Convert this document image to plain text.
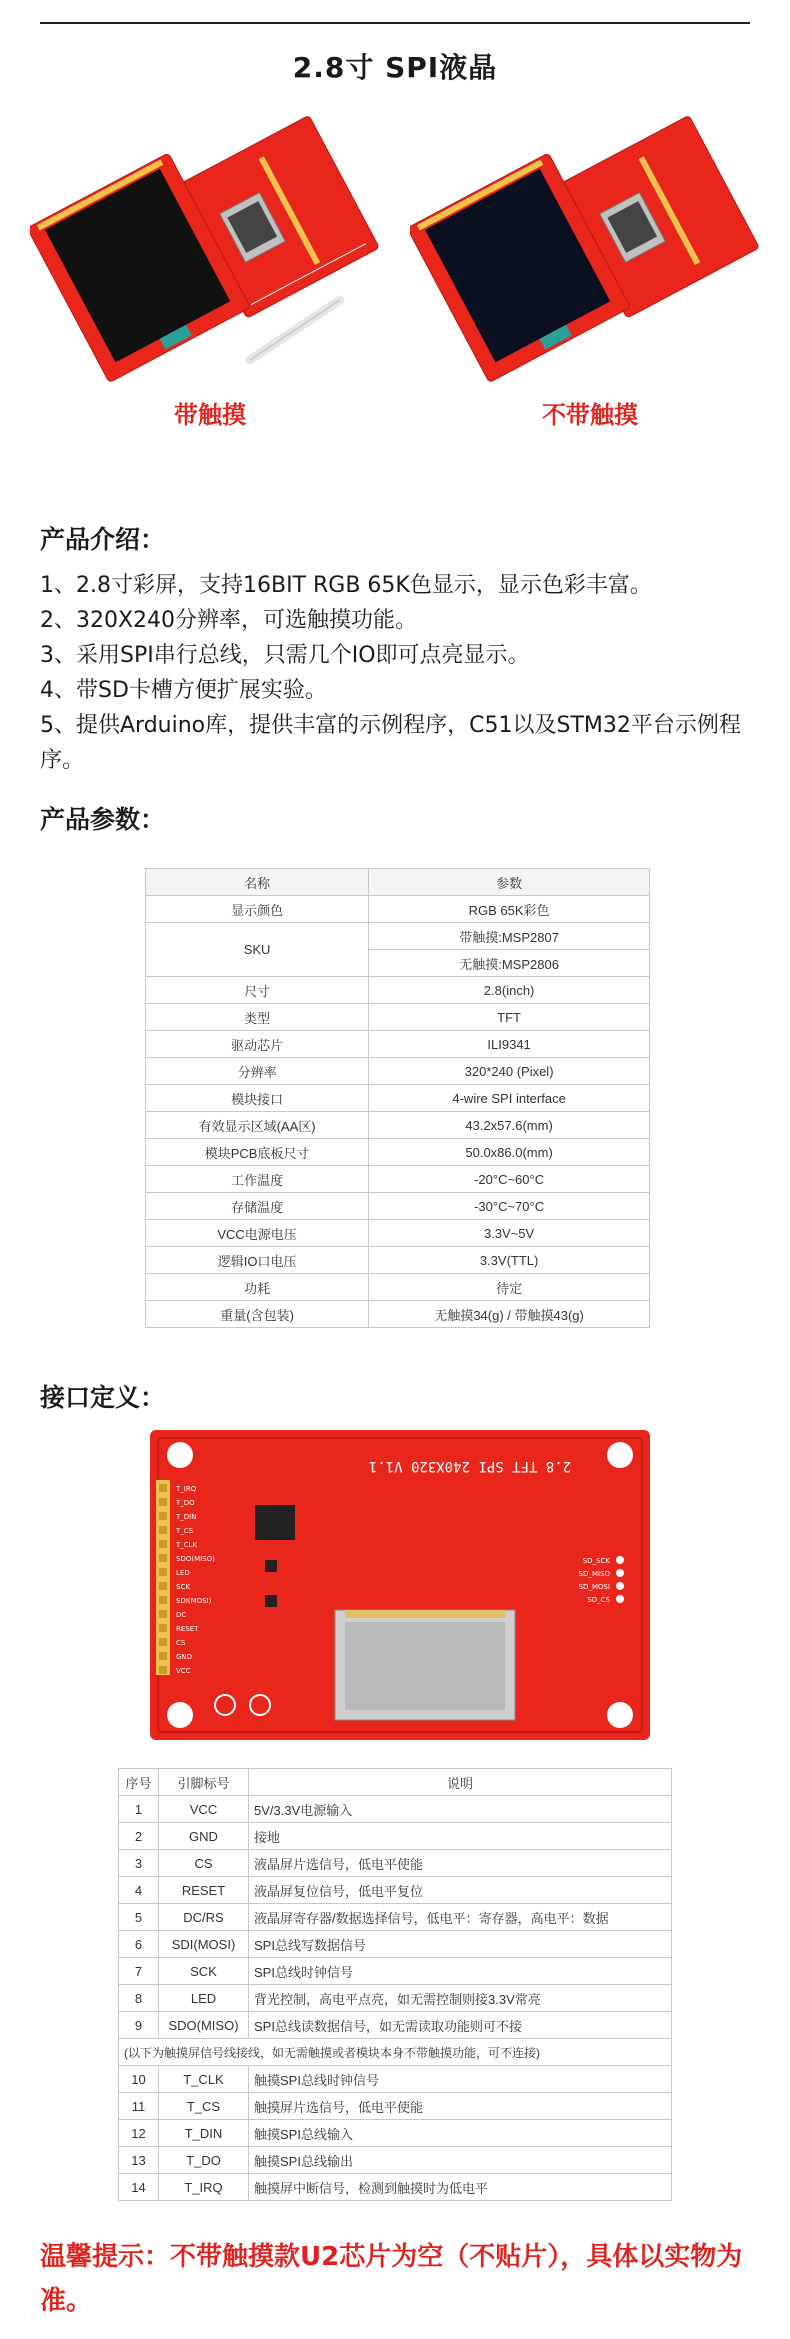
2.8寸 SPI液晶
带触摸	不带触摸
产品介绍：
1、2.8寸彩屏，支持16BIT RGB 65K色显示，显示色彩丰富。
2、320X240分辨率，可选触摸功能。
3、采用SPI串行总线，只需几个IO即可点亮显示。
4、带SD卡槽方便扩展实验。
5、提供Arduino库，提供丰富的示例程序，C51以及STM32平台示例程序。
产品参数：
名称	参数
显示颜色	RGB 65K彩色
SKU	带触摸:MSP2807
	无触摸:MSP2806
尺寸	2.8(inch)
类型	TFT
驱动芯片	ILI9341
分辨率	320*240 (Pixel)
模块接口	4-wire SPI interface
有效显示区域(AA区)	43.2x57.6(mm)
模块PCB底板尺寸	50.0x86.0(mm)
工作温度	-20°C~60°C
存储温度	-30°C~70°C
VCC电源电压	3.3V~5V
逻辑IO口电压	3.3V(TTL)
功耗	待定
重量(含包装)	无触摸34(g) / 带触摸43(g)
接口定义：
T_IRQ
T_DO
T_DIN
T_CS
T_CLK
SDO(MISO)
LED
SCK
SDI(MOSI)
DC
RESET
CS
GND
VCC
2.8 TFT SPI 240X320 V1.1
SD_SCK
SD_MISO
SD_MOSI
SD_CS
序号	引脚标号	说明
1	VCC	5V/3.3V电源输入
2	GND	接地
3	CS	液晶屏片选信号，低电平使能
4	RESET	液晶屏复位信号，低电平复位
5	DC/RS	液晶屏寄存器/数据选择信号，低电平：寄存器，高电平：数据
6	SDI(MOSI)	SPI总线写数据信号
7	SCK	SPI总线时钟信号
8	LED	背光控制，高电平点亮，如无需控制则接3.3V常亮
9	SDO(MISO)	SPI总线读数据信号，如无需读取功能则可不接
(以下为触摸屏信号线接线，如无需触摸或者模块本身不带触摸功能，可不连接)		
10	T_CLK	触摸SPI总线时钟信号
11	T_CS	触摸屏片选信号，低电平使能
12	T_DIN	触摸SPI总线输入
13	T_DO	触摸SPI总线输出
14	T_IRQ	触摸屏中断信号，检测到触摸时为低电平
温馨提示：不带触摸款U2芯片为空（不贴片），具体以实物为准。
